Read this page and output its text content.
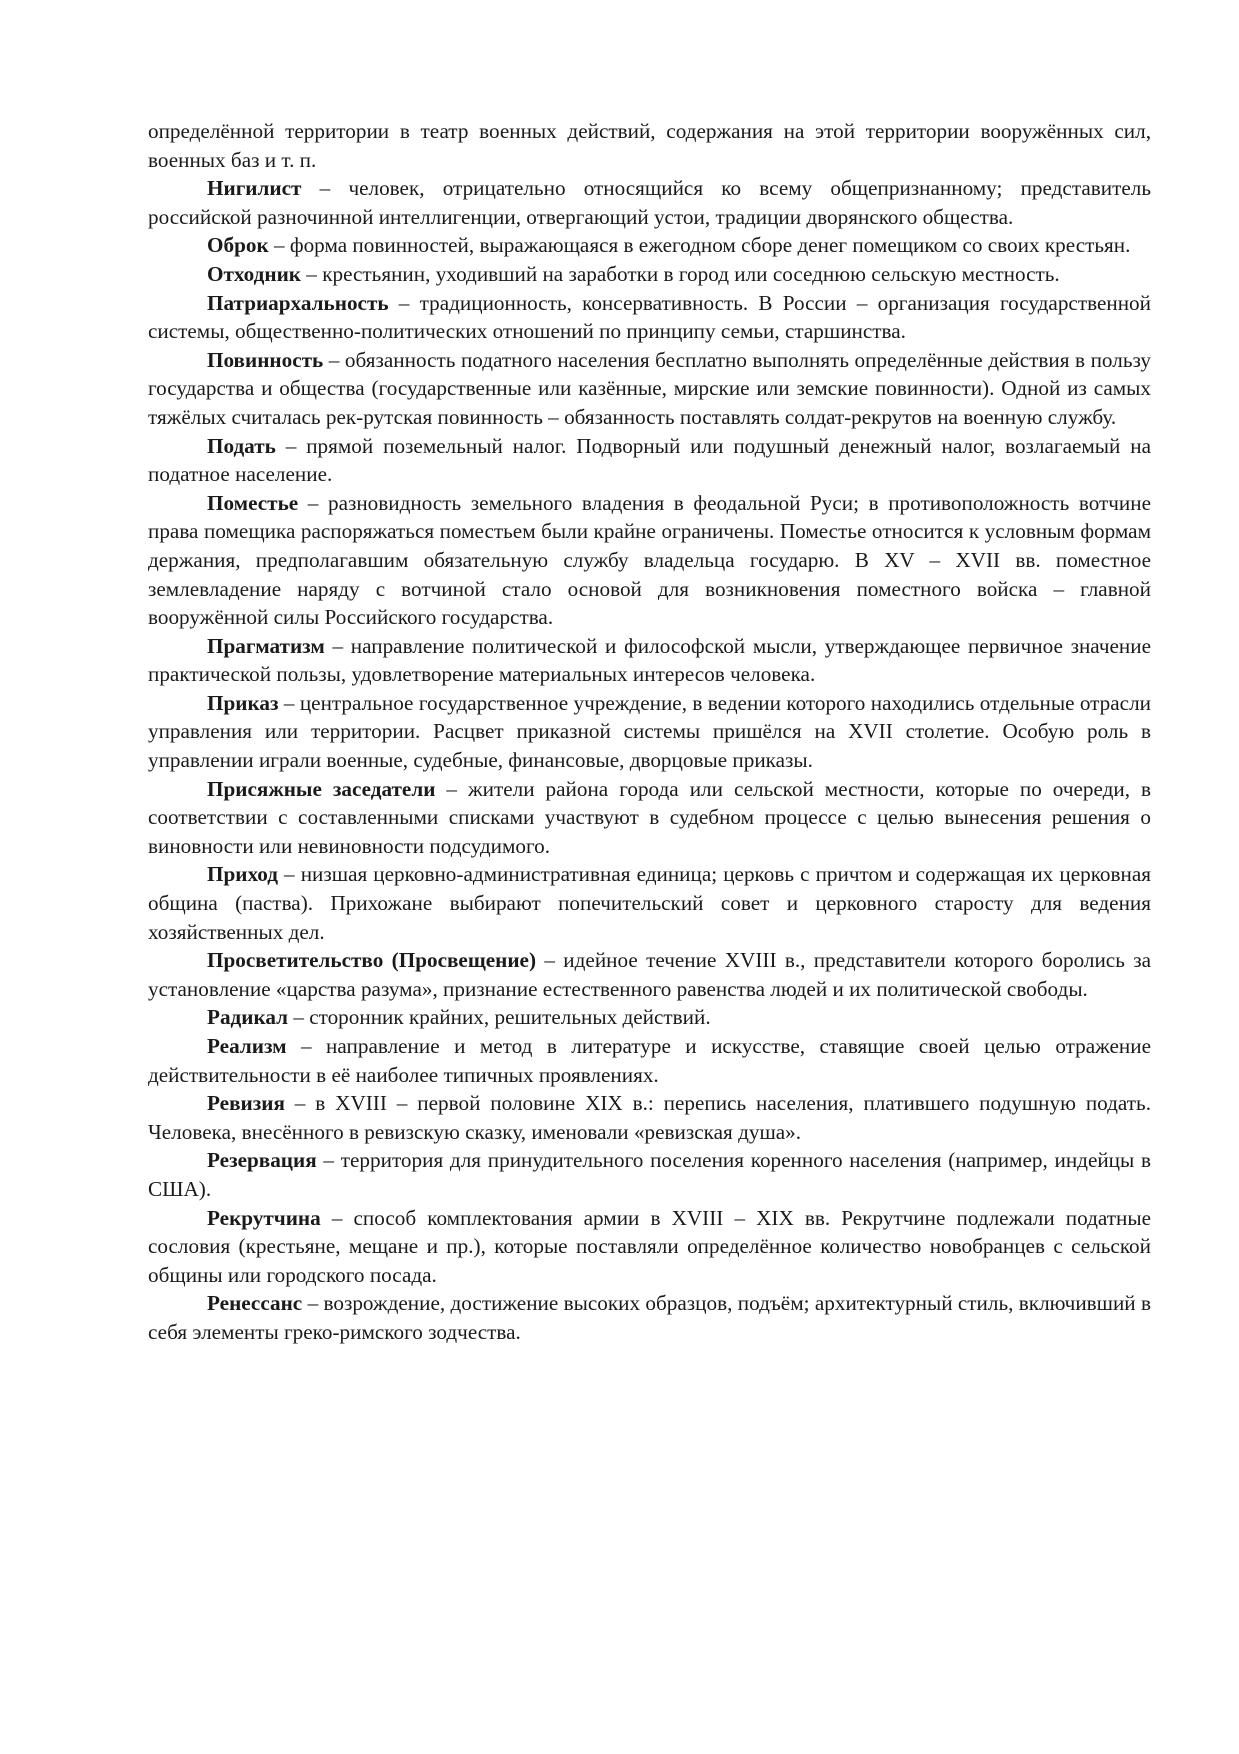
определённой территории в театр военных действий, содержания на этой территории вооружённых сил, военных баз и т. п.

Нигилист – человек, отрицательно относящийся ко всему общепризнанному; представитель российской разночинной интеллигенции, отвергающий устои, традиции дворянского общества.

Оброк – форма повинностей, выражающаяся в ежегодном сборе денег помещиком со своих крестьян.

Отходник – крестьянин, уходивший на заработки в город или соседнюю сельскую местность.

Патриархальность – традиционность, консервативность. В России – организация государственной системы, общественно-политических отношений по принципу семьи, старшинства.

Повинность – обязанность податного населения бесплатно выполнять определённые действия в пользу государства и общества (государственные или казённые, мирские или земские повинности). Одной из самых тяжёлых считалась рек-рутская повинность – обязанность поставлять солдат-рекрутов на военную службу.

Подать – прямой поземельный налог. Подворный или подушный денежный налог, возлагаемый на податное население.

Поместье – разновидность земельного владения в феодальной Руси; в противоположность вотчине права помещика распоряжаться поместьем были крайне ограничены. Поместье относится к условным формам держания, предполагавшим обязательную службу владельца государю. В XV – XVII вв. поместное землевладение наряду с вотчиной стало основой для возникновения поместного войска – главной вооружённой силы Российского государства.

Прагматизм – направление политической и философской мысли, утверждающее первичное значение практической пользы, удовлетворение материальных интересов человека.

Приказ – центральное государственное учреждение, в ведении которого находились отдельные отрасли управления или территории. Расцвет приказной системы пришёлся на XVII столетие. Особую роль в управлении играли военные, судебные, финансовые, дворцовые приказы.

Присяжные заседатели – жители района города или сельской местности, которые по очереди, в соответствии с составленными списками участвуют в судебном процессе с целью вынесения решения о виновности или невиновности подсудимого.

Приход – низшая церковно-административная единица; церковь с причтом и содержащая их церковная община (паства). Прихожане выбирают попечительский совет и церковного старосту для ведения хозяйственных дел.

Просветительство (Просвещение) – идейное течение XVIII в., представители которого боролись за установление «царства разума», признание естественного равенства людей и их политической свободы.

Радикал – сторонник крайних, решительных действий.

Реализм – направление и метод в литературе и искусстве, ставящие своей целью отражение действительности в её наиболее типичных проявлениях.

Ревизия – в XVIII – первой половине XIX в.: перепись населения, платившего подушную подать. Человека, внесённого в ревизскую сказку, именовали «ревизская душа».

Резервация – территория для принудительного поселения коренного населения (например, индейцы в США).

Рекрутчина – способ комплектования армии в XVIII – XIX вв. Рекрутчине подлежали податные сословия (крестьяне, мещане и пр.), которые поставляли определённое количество новобранцев с сельской общины или городского посада.

Ренессанс – возрождение, достижение высоких образцов, подъём; архитектурный стиль, включивший в себя элементы греко-римского зодчества.
